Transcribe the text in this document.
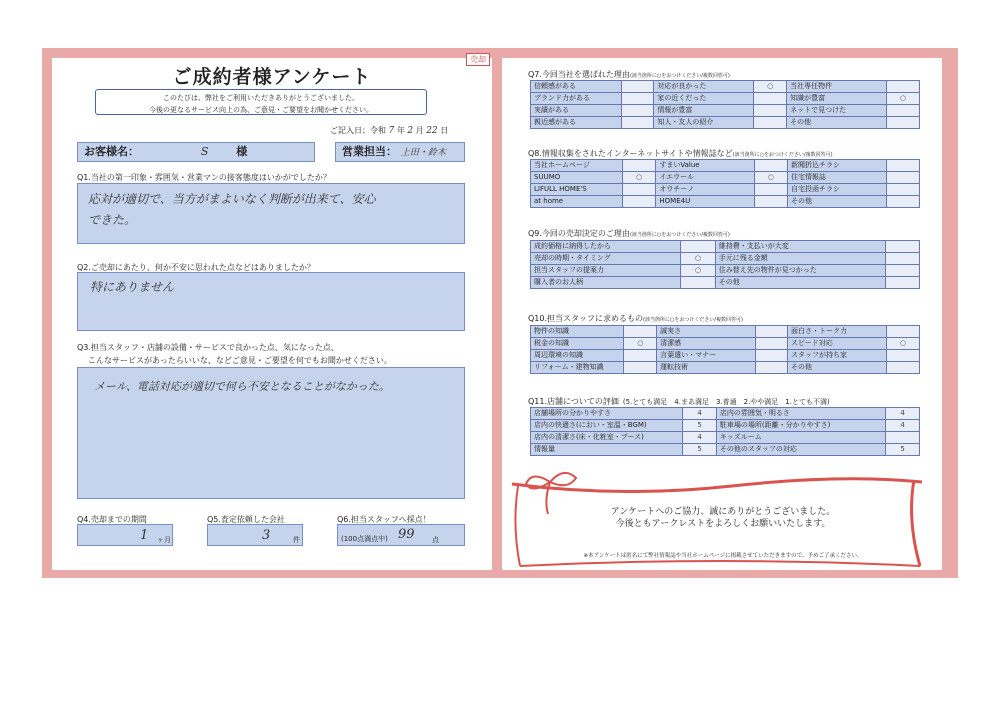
売却
ご成約者様アンケート
このたびは、弊社をご利用いただきありがとうございました。
今後の更なるサービス向上の為、ご意見・ご要望をお聞かせください。
ご記入日：令和 7 年 2 月 22 日
お客様名：	S	様	営業担当： 上田・鈴木
Q1.当社の第一印象・雰囲気・営業マンの接客態度はいかがでしたか？
応対が適切で、当方がまよいなく判断が出来て、安心
できた。
Q2.ご売却にあたり、何か不安に思われた点などはありましたか？
特にありません
Q3.担当スタッフ・店舗の設備・サービスで良かった点、気になった点、
こんなサービスがあったらいいな、などご意見・ご要望を何でもお聞かせください。
メール、電話対応が適切で何ら不安となることがなかった。
Q4.売却までの期間
1 ヶ月
Q5.査定依頼した会社
3	件
Q6.担当スタッフへ採点！
(100点満点中) 99 点
Q7.今回当社を選ばれた理由(該当箇所に○をおつけください/複数回答可)
信頼感がある		対応が良かった	○	当社専任物件	
ブランド力がある		家の近くだった		知識が豊富	○
実績がある		情報が豊富		ネットで見つけた	
親近感がある		知人・友人の紹介		その他	
Q8.情報収集をされたインターネットサイトや情報誌など(該当箇所に○をおつけください/複数回答可)
当社ホームページ		すまいValue		新聞折込チラシ	
SUUMO	○	イエウール	○	住宅情報誌	
LIFULL HOME'S		オウチーノ		自宅投函チラシ	
at home		HOME4U		その他	
Q9.今回の売却決定のご理由(該当箇所に○をおつけください/複数回答可)
成約価格に納得したから		維持費・支払いが大変	
売却の時期・タイミング	○	手元に残る金額	
担当スタッフの提案力	○	住み替え先の物件が見つかった	
購入者のお人柄		その他	
Q10.担当スタッフに求めるもの(該当箇所に○をおつけください/複数回答可)
物件の知識		誠実さ		面白さ・トーク力	
税金の知識	○	清潔感		スピード対応	○
周辺環境の知識		言葉遣い・マナー		スタッフが持ち家	
リフォーム・建物知識		運転技術		その他	
Q11.店舗についての評価 (5.とても満足　4.まあ満足　3.普通　2.やや満足　1.とても不満)
店舗場所の分かりやすさ	4	店内の雰囲気・明るさ	4
店内の快適さ(におい・室温・BGM)	5	駐車場の場所(距離・分かりやすさ)	4
店内の清潔さ(床・化粧室・ブース)	4	キッズルーム	
情報量	5	その他のスタッフの対応	5
アンケートへのご協力、誠にありがとうございました。
今後ともアークレストをよろしくお願いいたします。
※本アンケートは匿名にて弊社情報誌や当社ホームページに掲載させていただきますので、予めご了承ください。
